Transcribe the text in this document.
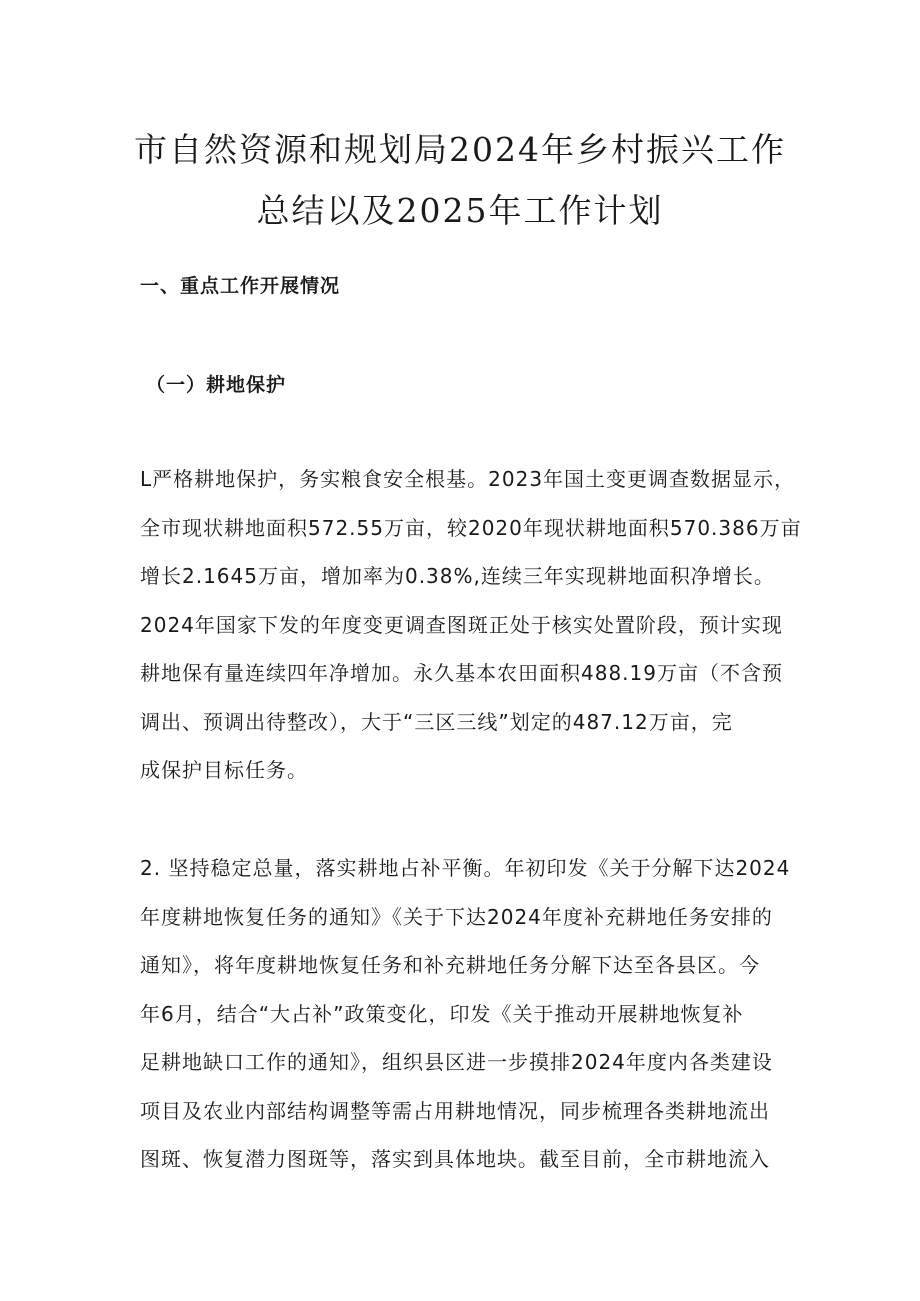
市自然资源和规划局2024年乡村振兴工作
总结以及2025年工作计划
一、重点工作开展情况
（一）耕地保护

L严格耕地保护，务实粮食安全根基。2023年国土变更调查数据显示，
全市现状耕地面积572.55万亩，较2020年现状耕地面积570.386万亩
增长2.1645万亩，增加率为0.38%,连续三年实现耕地面积净增长。
2024年国家下发的年度变更调查图斑正处于核实处置阶段，预计实现
耕地保有量连续四年净增加。永久基本农田面积488.19万亩（不含预
调出、预调出待整改），大于“三区三线”划定的487.12万亩，完
成保护目标任务。

2. 坚持稳定总量，落实耕地占补平衡。年初印发《关于分解下达2024
年度耕地恢复任务的通知》《关于下达2024年度补充耕地任务安排的
通知》，将年度耕地恢复任务和补充耕地任务分解下达至各县区。今
年6月，结合“大占补”政策变化，印发《关于推动开展耕地恢复补
足耕地缺口工作的通知》，组织县区进一步摸排2024年度内各类建设
项目及农业内部结构调整等需占用耕地情况，同步梳理各类耕地流出
图斑、恢复潜力图斑等，落实到具体地块。截至目前，全市耕地流入
